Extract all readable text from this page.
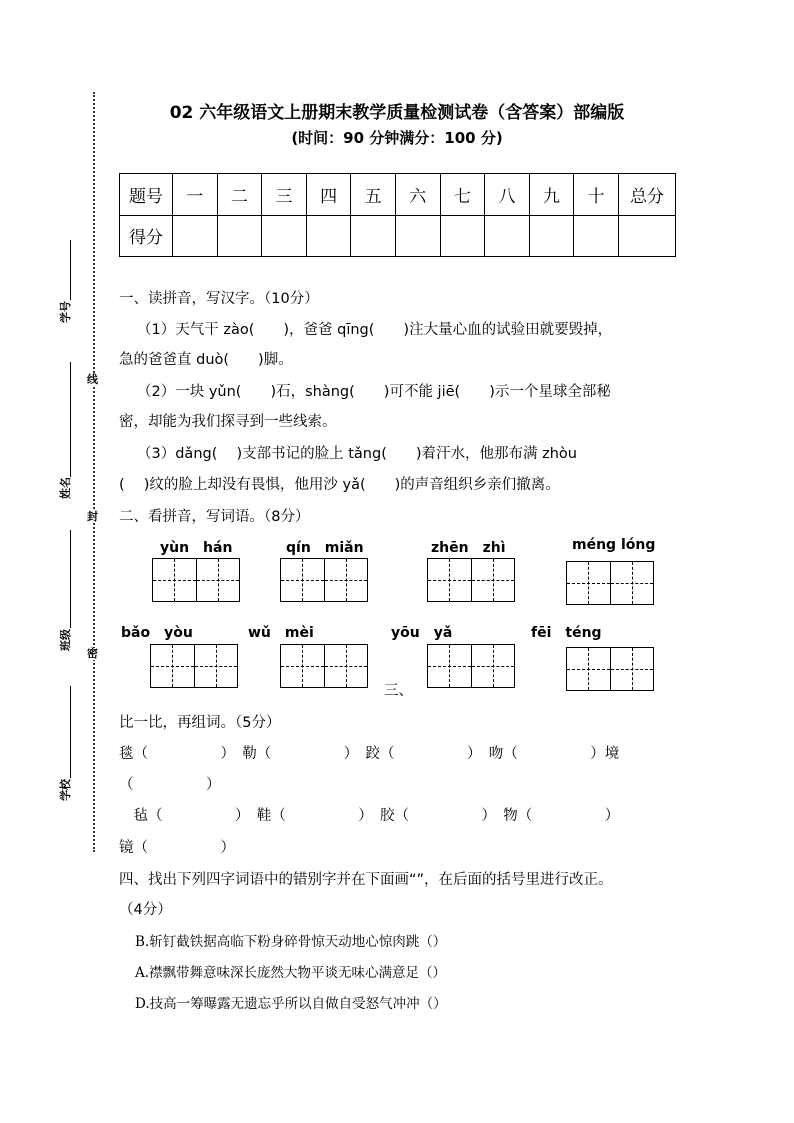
线
封
密
学号
姓名
班级
学校
02 六年级语文上册期末教学质量检测试卷（含答案）部编版
(时间：90 分钟满分：100 分)
题号	一	二	三	四	五	六	七	八	九	十	总分
得分											
一、读拼音，写汉字。（10分）
（1）天气干 zào(　　)，爸爸 qīng(　　)注大量心血的试验田就要毁掉，
急的爸爸直 duò(　　)脚。
（2）一块 yǔn(　　)石，shàng(　　)可不能 jiē(　　)示一个星球全部秘
密，却能为我们探寻到一些线索。
（3）dǎng(　 )支部书记的脸上 tǎng(　　)着汗水，他那布满 zhòu
(　 )纹的脸上却没有畏惧，他用沙 yǎ(　　)的声音组织乡亲们撤离。
二、看拼音，写词语。（8分）
yùn　hán	qín　miǎn	zhēn　zhì	méng lóng
bǎo　yòu	wǔ　mèi	yōu　yǎ	fēi　téng
三、
比一比，再组词。（5分）
毯（　　　　　）　勒（　　　　　）　跤（　　　　　）　吻（　　　　　）境
（　　　　　）
　毡（　　　　　）　鞋（　　　　　）　胶（　　　　　）　物（　　　　　）
镜（　　　　　）
四、找出下列四字词语中的错别字并在下面画“”，在后面的括号里进行改正。
（4分）
B.斩钉截铁据高临下粉身碎骨惊天动地心惊肉跳（）
A.襟飘带舞意味深长庞然大物平谈无味心满意足（）
D.技高一筹曝露无遗忘乎所以自做自受怒气冲冲（）
